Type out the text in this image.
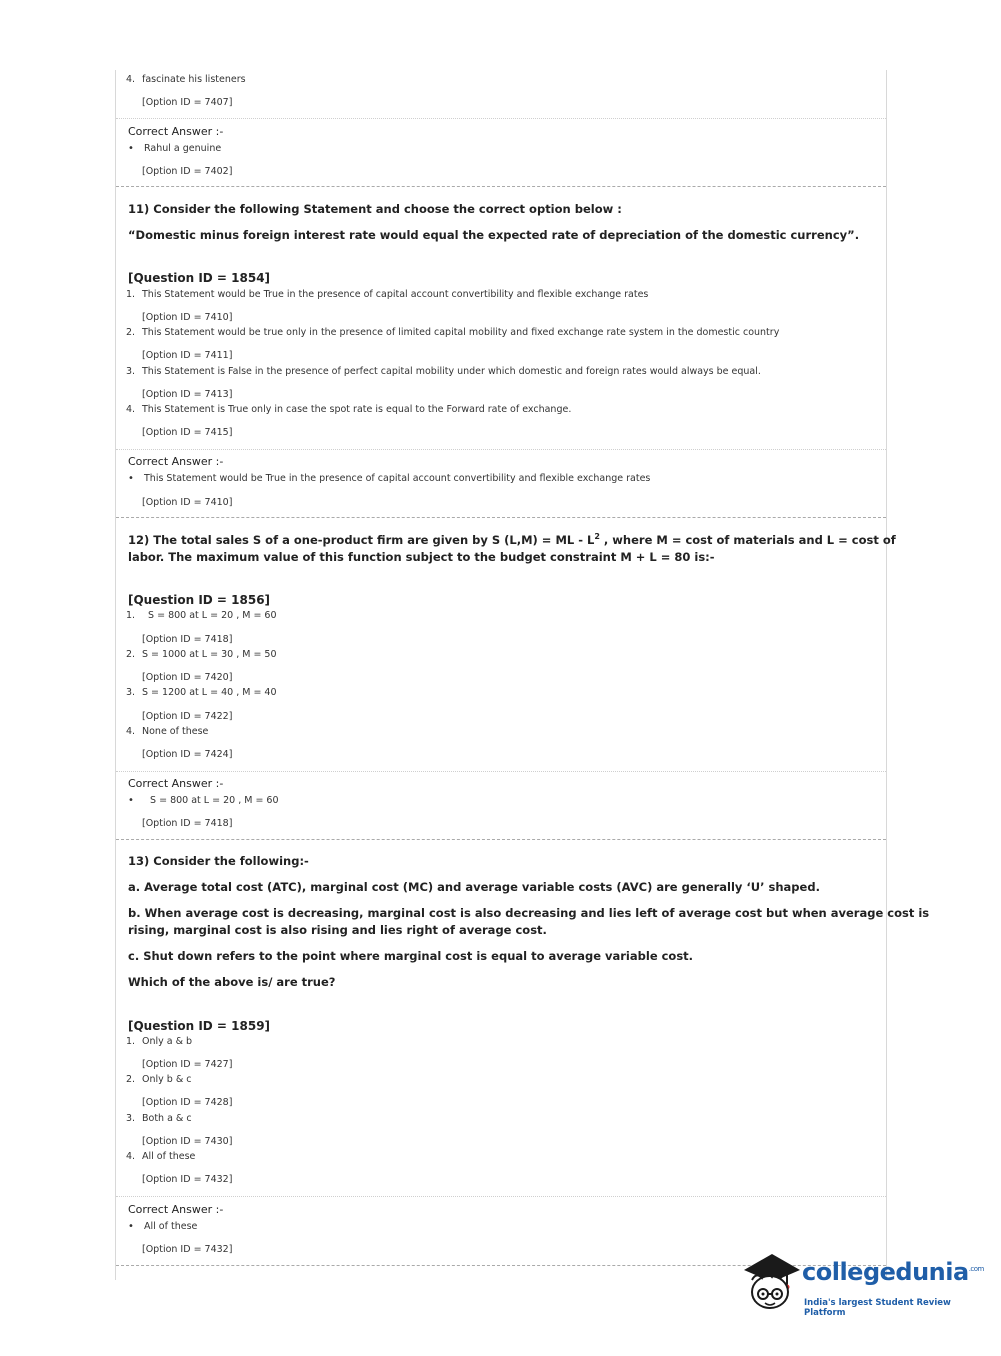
4. fascinate his listeners
[Option ID = 7407]
Correct Answer :-
• Rahul a genuine
[Option ID = 7402]
11) Consider the following Statement and choose the correct option below :
“Domestic minus foreign interest rate would equal the expected rate of depreciation of the domestic currency”.
[Question ID = 1854]
1. This Statement would be True in the presence of capital account convertibility and flexible exchange rates
[Option ID = 7410]
2. This Statement would be true only in the presence of limited capital mobility and fixed exchange rate system in the domestic country
[Option ID = 7411]
3. This Statement is False in the presence of perfect capital mobility under which domestic and foreign rates would always be equal.
[Option ID = 7413]
4. This Statement is True only in case the spot rate is equal to the Forward rate of exchange.
[Option ID = 7415]
Correct Answer :-
• This Statement would be True in the presence of capital account convertibility and flexible exchange rates
[Option ID = 7410]
12) The total sales S of a one-product firm are given by S (L,M) = ML - $L^2$ , where M = cost of materials and L = cost of
labor. The maximum value of this function subject to the budget constraint M + L = 80 is:-
[Question ID = 1856]
1.  S = 800 at L = 20 , M = 60
[Option ID = 7418]
2. S = 1000 at L = 30 , M = 50
[Option ID = 7420]
3. S = 1200 at L = 40 , M = 40
[Option ID = 7422]
4. None of these
[Option ID = 7424]
Correct Answer :-
•  S = 800 at L = 20 , M = 60
[Option ID = 7418]
13) Consider the following:-
a. Average total cost (ATC), marginal cost (MC) and average variable costs (AVC) are generally ‘U’ shaped.
b. When average cost is decreasing, marginal cost is also decreasing and lies left of average cost but when average cost is
rising, marginal cost is also rising and lies right of average cost.
c. Shut down refers to the point where marginal cost is equal to average variable cost.
Which of the above is/ are true?
[Question ID = 1859]
1. Only a & b
[Option ID = 7427]
2. Only b & c
[Option ID = 7428]
3. Both a & c
[Option ID = 7430]
4. All of these
[Option ID = 7432]
Correct Answer :-
• All of these
[Option ID = 7432]
collegedunia$^{.com}$
India's largest Student Review Platform
